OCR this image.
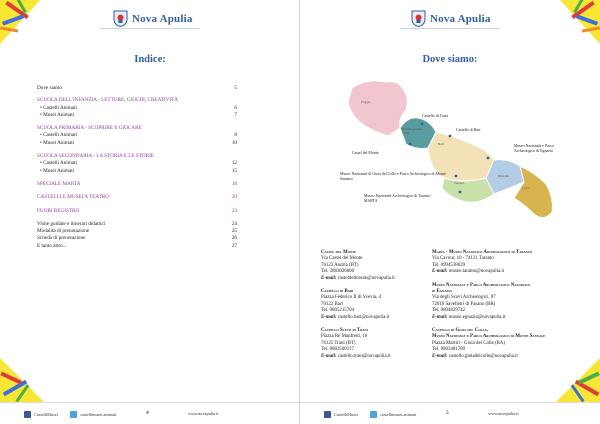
Nova Apulia
Indice:
Dove siamo	5
SCUOLA DELL'INFANZIA - LETTURE, GIOCHI, CREATIVITÀ
• Castelli Animati	6
• Musei Animati	7
SCUOLA PRIMARIA - SCOPRIRE E GIOCARE
• Castelli Animati	8
• Musei Animati	10
SCUOLA SECONDARIA - LA STORIA E LE STORIE
• Castelli Animati	12
• Musei Animati	15
SPECIALE MARTA	18
CASTELLI E MUSEI A TEATRO	20
FUORI REGISTRO	23
Visite guidate e itinerari didattici	24
Modalità di prenotazione	25
Scheda di prenotazione	26
E tanto altro...	27
CastelliMusei	castellimusei.animati	4	www.novapulia.it
Nova Apulia
Dove siamo:
Foggia
Barletta Andria Trani
Bari
Taranto
Brindisi
Lecce
Castello di Trani
Castello di Bari
Castel del Monte
Museo Nazionale e Parco Archeologico di Egnazia
Museo Nazionale di Gioia del Colle e Parco Archeologico di Monte Sannace
Museo Nazionale Archeologico di Taranto - MARTA
Castel del Monte
Via Castel del Monte
76123 Andria (BT)
Tel. 3883026000
E-mail: casteldelmonte@novapulia.it
Castello di Bari
Piazza Federico II di Svevia, 4
70122 Bari
Tel. 0805215704
E-mail: castello.bari@novapulia.it
Castello Svevo di Trani
Piazza Re Manfredi, 16
76125 Trani (BT)
Tel. 0883500117
E-mail: castello.trani@novapulia.it
Marta - Museo Nazionale Archeologico di Taranto
Via Cavour, 10 - 74121 Taranto
Tel. 0994538639
E-mail: museo.taranto@novapulia.it
Museo Nazionale e Parco Archeologico Nazionale
di Egnazia
Via degli Scavi Archeologici, 87
72010 Savelletri di Fasano (BR)
Tel. 0804829742
E-mail: museo.egnazia@novapulia.it
Castello di Gioia del Colle,
Museo Nazionale e Parco Archeologico di Monte Sannace
Piazza Martiri - Gioia del Colle (BA)
Tel. 0803481780
E-mail: castello.gioiadelcolle@novapulia.it
CastelliMusei	castellimusei.animati	5	www.novapulia.it
